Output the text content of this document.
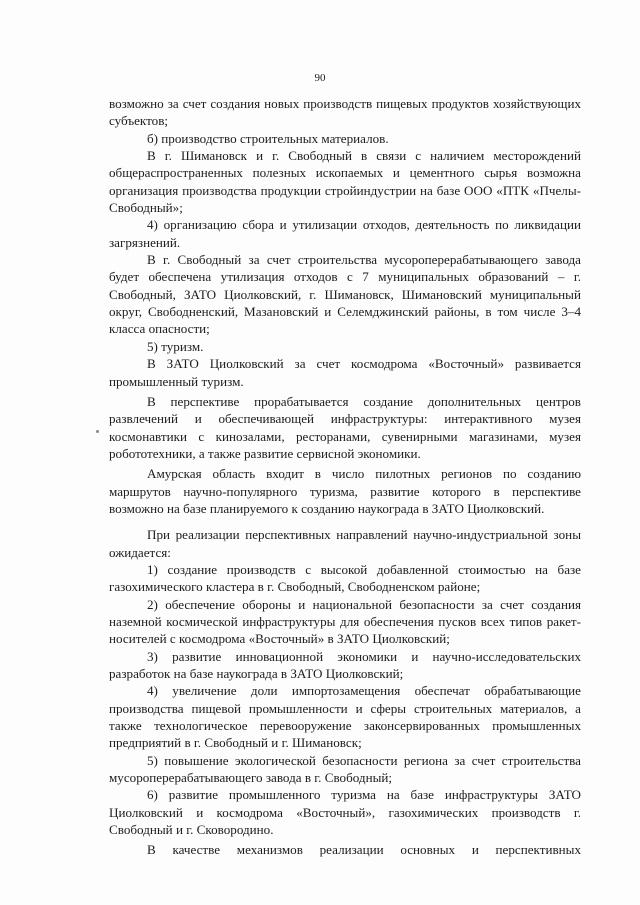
90

возможно за счет создания новых производств пищевых продуктов хозяйствующих субъектов;

б) производство строительных материалов.

В г. Шимановск и г. Свободный в связи с наличием месторождений общераспространенных полезных ископаемых и цементного сырья возможна организация производства продукции стройиндустрии на базе ООО «ПТК «Пчелы-Свободный»;

4) организацию сбора и утилизации отходов, деятельность по ликвидации загрязнений.

В г. Свободный за счет строительства мусороперерабатывающего завода будет обеспечена утилизация отходов с 7 муниципальных образований – г. Свободный, ЗАТО Циолковский, г. Шимановск, Шимановский муниципальный округ, Свободненский, Мазановский и Селемджинский районы, в том числе 3–4 класса опасности;

5) туризм.

В ЗАТО Циолковский за счет космодрома «Восточный» развивается промышленный туризм.

В перспективе прорабатывается создание дополнительных центров развлечений и обеспечивающей инфраструктуры: интерактивного музея космонавтики с кинозалами, ресторанами, сувенирными магазинами, музея робототехники, а также развитие сервисной экономики.

Амурская область входит в число пилотных регионов по созданию маршрутов научно-популярного туризма, развитие которого в перспективе возможно на базе планируемого к созданию наукограда в ЗАТО Циолковский.

При реализации перспективных направлений научно-индустриальной зоны ожидается:

1) создание производств с высокой добавленной стоимостью на базе газохимического кластера в г. Свободный, Свободненском районе;

2) обеспечение обороны и национальной безопасности за счет создания наземной космической инфраструктуры для обеспечения пусков всех типов ракет-носителей с космодрома «Восточный» в ЗАТО Циолковский;

3) развитие инновационной экономики и научно-исследовательских разработок на базе наукограда в ЗАТО Циолковский;

4) увеличение доли импортозамещения обеспечат обрабатывающие производства пищевой промышленности и сферы строительных материалов, а также технологическое перевооружение законсервированных промышленных предприятий в г. Свободный и г. Шимановск;

5) повышение экологической безопасности региона за счет строительства мусороперерабатывающего завода в г. Свободный;

6) развитие промышленного туризма на базе инфраструктуры ЗАТО Циолковский и космодрома «Восточный», газохимических производств г. Свободный и г. Сковородино.

В качестве механизмов реализации основных и перспективных
